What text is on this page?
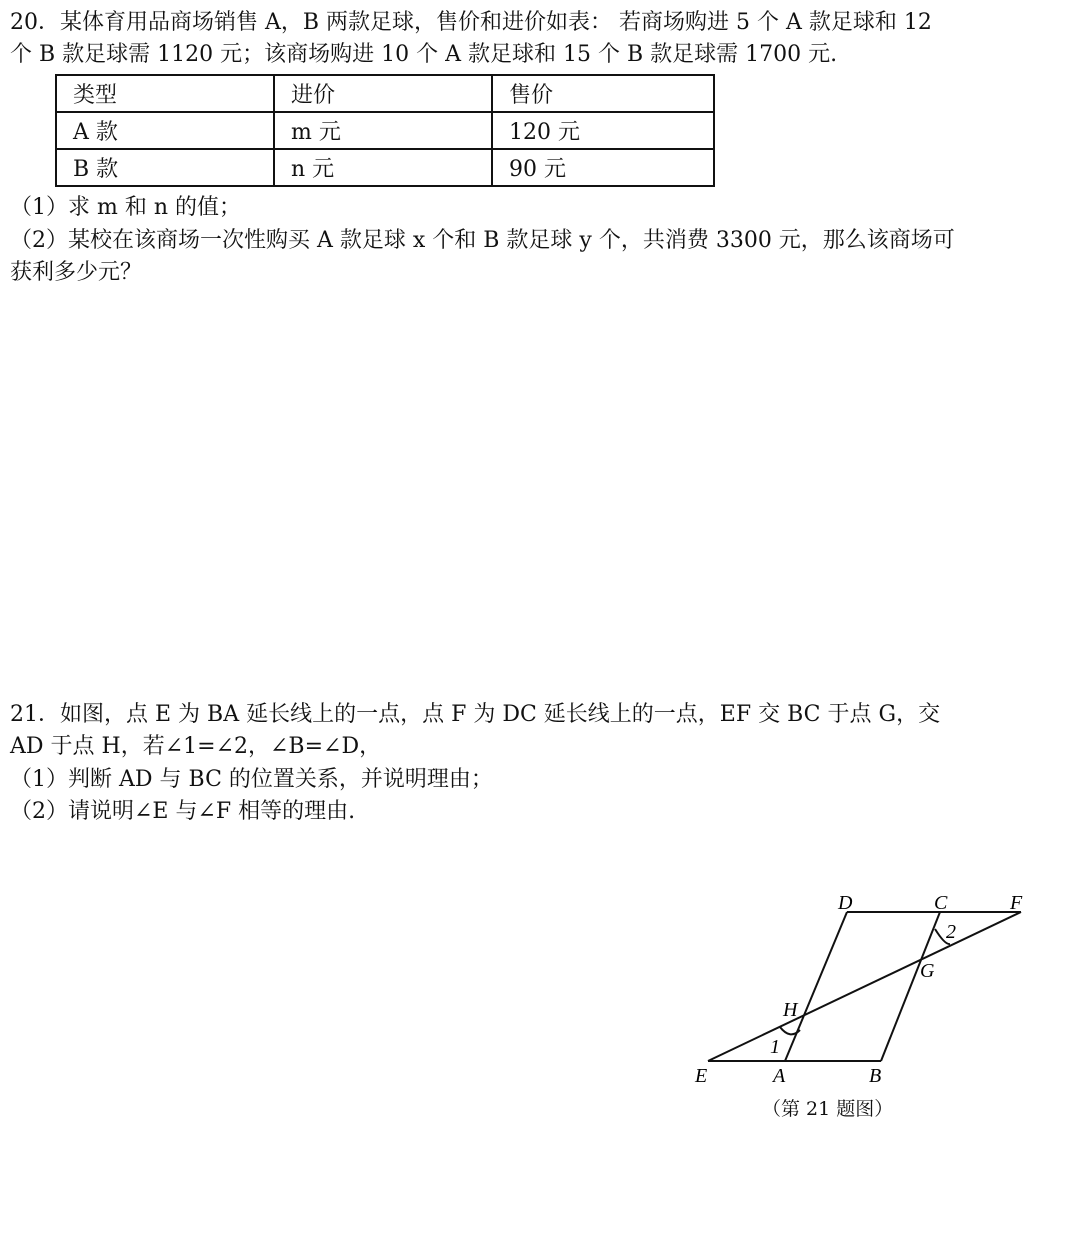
20．某体育用品商场销售 A，B 两款足球，售价和进价如表： 若商场购进 5 个 A 款足球和 12
个 B 款足球需 1120 元；该商场购进 10 个 A 款足球和 15 个 B 款足球需 1700 元.
类型	进价	售价
A 款	m 元	120 元
B 款	n 元	90 元
（1）求 m 和 n 的值；
（2）某校在该商场一次性购买 A 款足球 x 个和 B 款足球 y 个，共消费 3300 元，那么该商场可
获利多少元？
21．如图，点 E 为 BA 延长线上的一点，点 F 为 DC 延长线上的一点，EF 交 BC 于点 G，交
AD 于点 H，若∠1=∠2，∠B=∠D，
（1）判断 AD 与 BC 的位置关系，并说明理由；
（2）请说明∠E 与∠F 相等的理由.
D	C	F
2
G
H
1
E	A	B
（第 21 题图）
